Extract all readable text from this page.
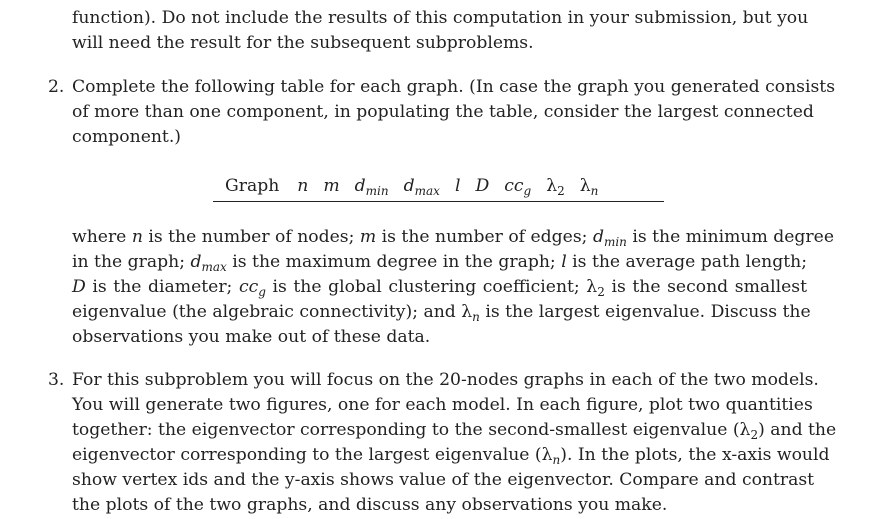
function). Do not include the results of this computation in your submission, but you
will need the result for the subsequent subproblems.
2. Complete the following table for each graph. (In case the graph you generated consists
of more than one component, in populating the table, consider the largest connected
component.)
Graph n m $d_{min}$ $d_{max}$ l D $cc_g$ $\lambda_2$ $\lambda_n$
where n is the number of nodes; m is the number of edges; $d_{min}$ is the minimum degree
in the graph; $d_{max}$ is the maximum degree in the graph; l is the average path length;
D is the diameter; $cc_g$ is the global clustering coefficient; $\lambda_2$ is the second smallest
eigenvalue (the algebraic connectivity); and $\lambda_n$ is the largest eigenvalue. Discuss the
observations you make out of these data.
3. For this subproblem you will focus on the 20-nodes graphs in each of the two models.
You will generate two figures, one for each model. In each figure, plot two quantities
together: the eigenvector corresponding to the second-smallest eigenvalue $(\lambda_2)$ and the
eigenvector corresponding to the largest eigenvalue $(\lambda_n)$. In the plots, the x-axis would
show vertex ids and the y-axis shows value of the eigenvector. Compare and contrast
the plots of the two graphs, and discuss any observations you make.
